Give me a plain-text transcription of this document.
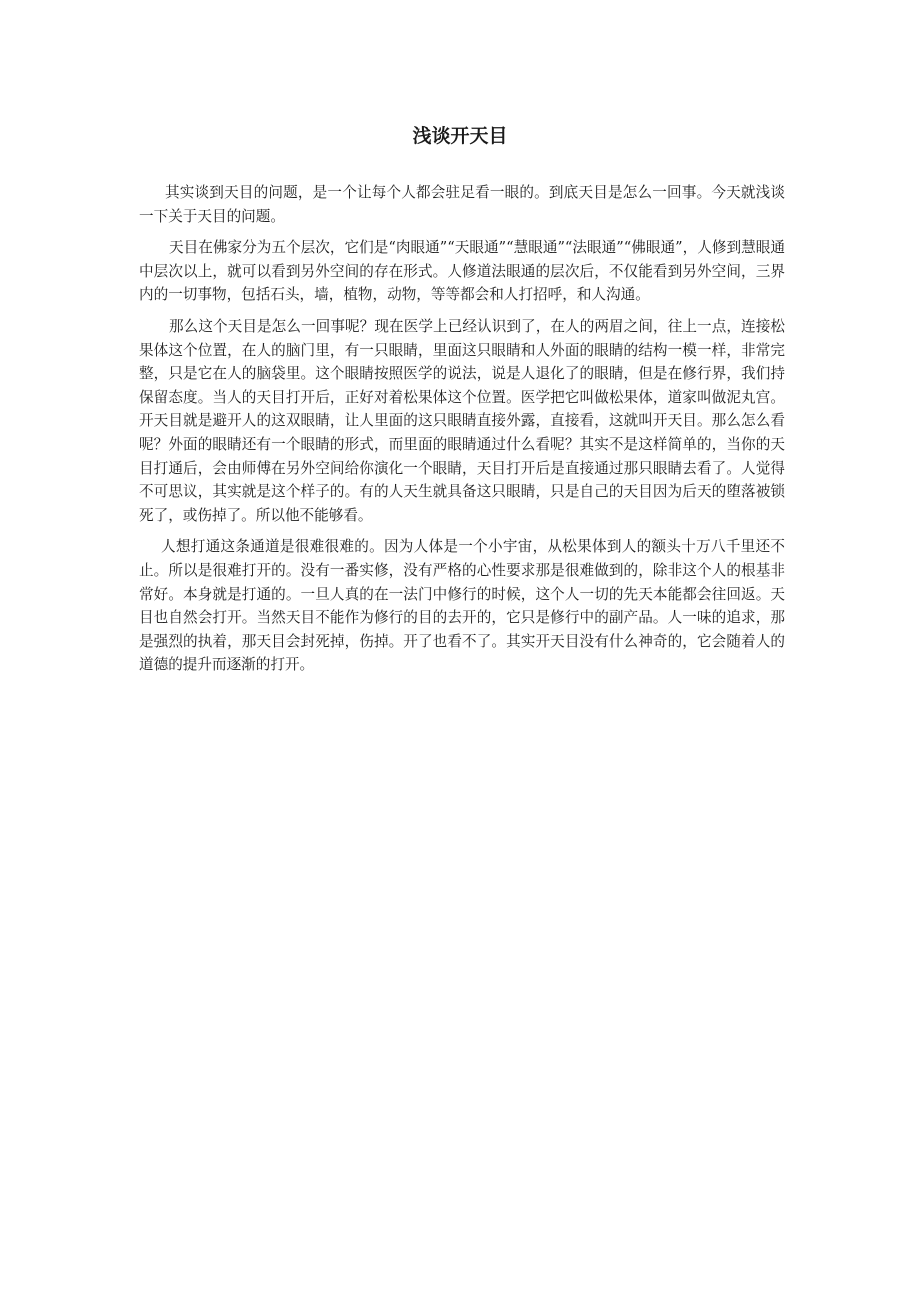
浅谈开天目

其实谈到天目的问题，是一个让每个人都会驻足看一眼的。到底天目是怎么一回事。今天就浅谈一下关于天目的问题。

天目在佛家分为五个层次，它们是“肉眼通”“天眼通”“慧眼通”“法眼通”“佛眼通”，人修到慧眼通中层次以上，就可以看到另外空间的存在形式。人修道法眼通的层次后，不仅能看到另外空间，三界内的一切事物，包括石头，墙，植物，动物，等等都会和人打招呼，和人沟通。

那么这个天目是怎么一回事呢？现在医学上已经认识到了，在人的两眉之间，往上一点，连接松果体这个位置，在人的脑门里，有一只眼睛，里面这只眼睛和人外面的眼睛的结构一模一样，非常完整，只是它在人的脑袋里。这个眼睛按照医学的说法，说是人退化了的眼睛，但是在修行界，我们持保留态度。当人的天目打开后，正好对着松果体这个位置。医学把它叫做松果体，道家叫做泥丸宫。开天目就是避开人的这双眼睛，让人里面的这只眼睛直接外露，直接看，这就叫开天目。那么怎么看呢？外面的眼睛还有一个眼睛的形式，而里面的眼睛通过什么看呢？其实不是这样简单的，当你的天目打通后，会由师傅在另外空间给你演化一个眼睛，天目打开后是直接通过那只眼睛去看了。人觉得不可思议，其实就是这个样子的。有的人天生就具备这只眼睛，只是自己的天目因为后天的堕落被锁死了，或伤掉了。所以他不能够看。

人想打通这条通道是很难很难的。因为人体是一个小宇宙，从松果体到人的额头十万八千里还不止。所以是很难打开的。没有一番实修，没有严格的心性要求那是很难做到的，除非这个人的根基非常好。本身就是打通的。一旦人真的在一法门中修行的时候，这个人一切的先天本能都会往回返。天目也自然会打开。当然天目不能作为修行的目的去开的，它只是修行中的副产品。人一味的追求，那是强烈的执着，那天目会封死掉，伤掉。开了也看不了。其实开天目没有什么神奇的，它会随着人的道德的提升而逐渐的打开。
